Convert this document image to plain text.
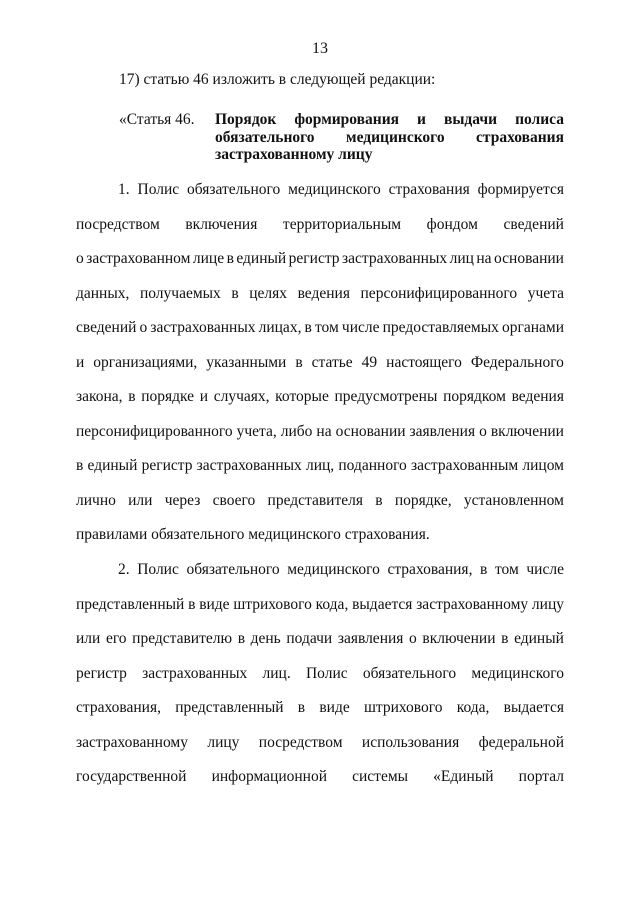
13
17) статью 46 изложить в следующей редакции:
«Статья 46. Порядок формирования и выдачи полиса
обязательного медицинского страхования
застрахованному лицу
1. Полис обязательного медицинского страхования формируется
посредством включения территориальным фондом сведений
о застрахованном лице в единый регистр застрахованных лиц на основании
данных, получаемых в целях ведения персонифицированного учета
сведений о застрахованных лицах, в том числе предоставляемых органами
и организациями, указанными в статье 49 настоящего Федерального
закона, в порядке и случаях, которые предусмотрены порядком ведения
персонифицированного учета, либо на основании заявления о включении
в единый регистр застрахованных лиц, поданного застрахованным лицом
лично или через своего представителя в порядке, установленном
правилами обязательного медицинского страхования.
2. Полис обязательного медицинского страхования, в том числе
представленный в виде штрихового кода, выдается застрахованному лицу
или его представителю в день подачи заявления о включении в единый
регистр застрахованных лиц. Полис обязательного медицинского
страхования, представленный в виде штрихового кода, выдается
застрахованному лицу посредством использования федеральной
государственной информационной системы «Единый портал
